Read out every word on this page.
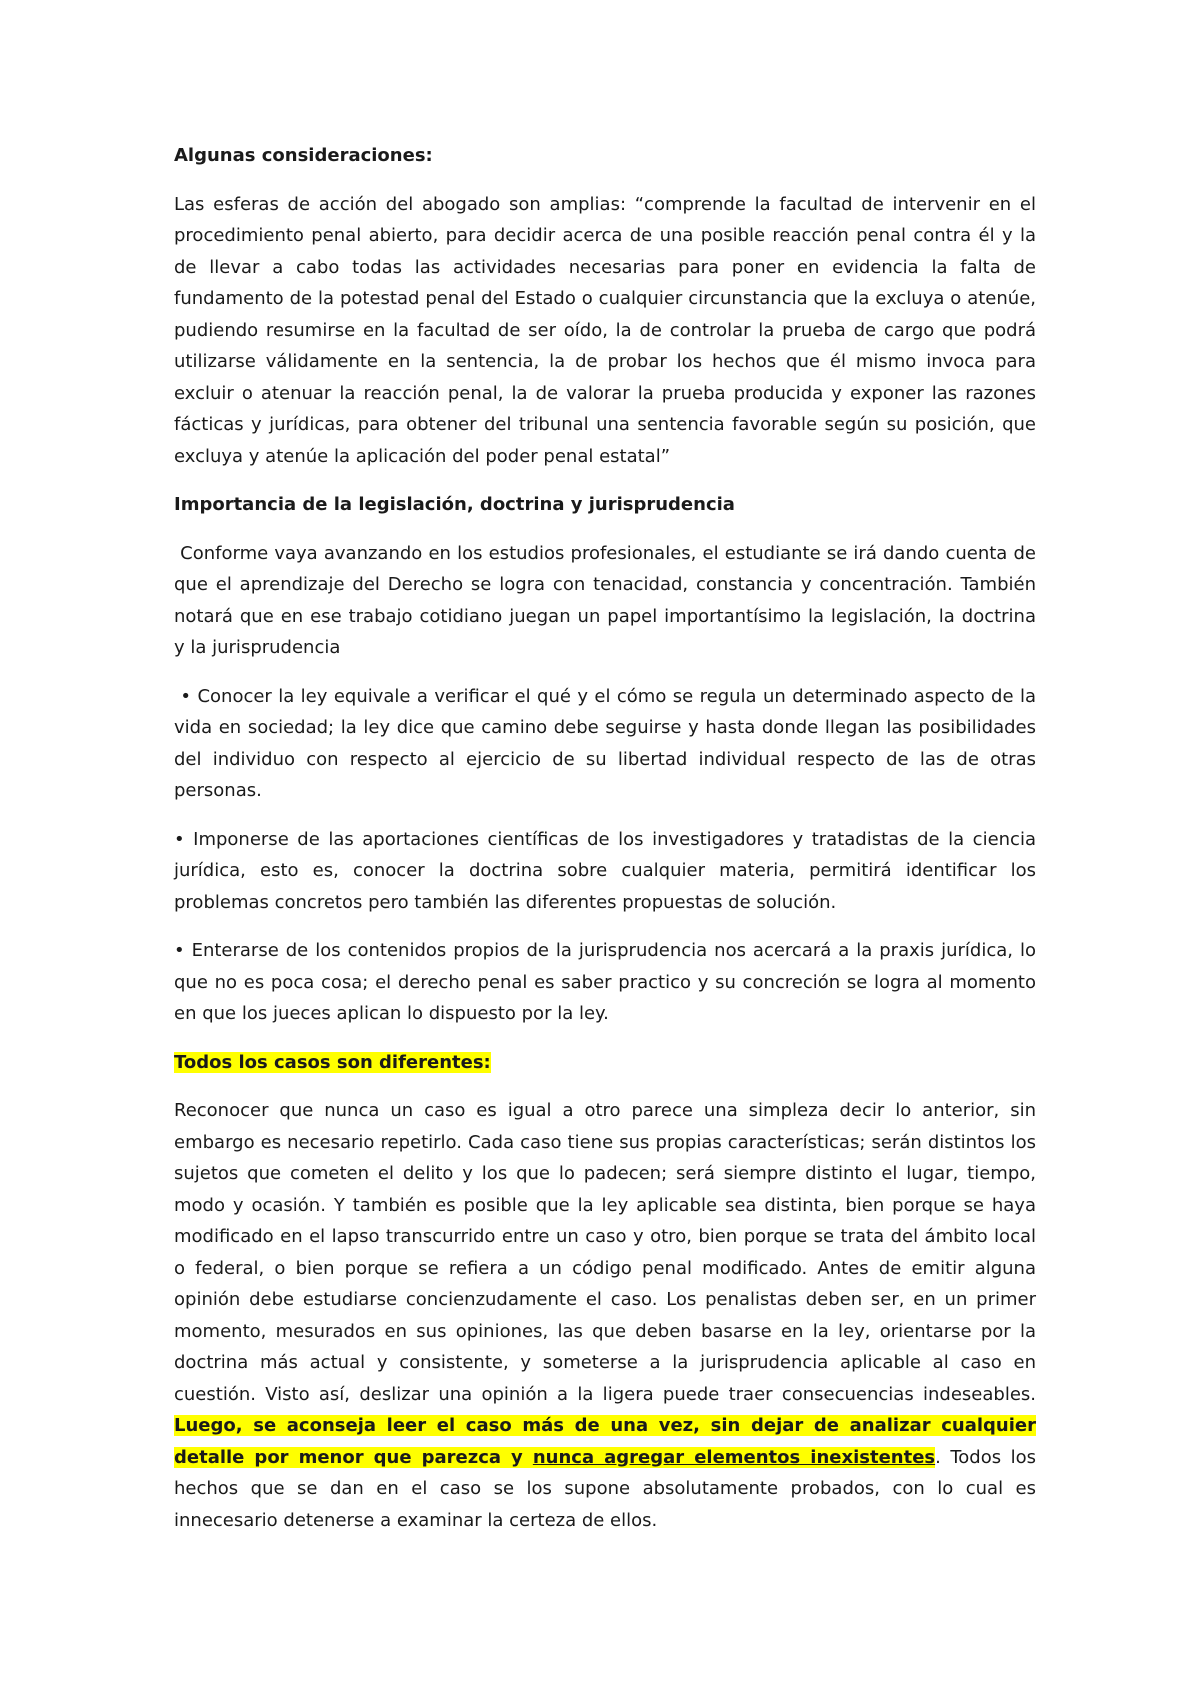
Algunas consideraciones:

Las esferas de acción del abogado son amplias: “comprende la facultad de intervenir en el procedimiento penal abierto, para decidir acerca de una posible reacción penal contra él y la de llevar a cabo todas las actividades necesarias para poner en evidencia la falta de fundamento de la potestad penal del Estado o cualquier circunstancia que la excluya o atenúe, pudiendo resumirse en la facultad de ser oído, la de controlar la prueba de cargo que podrá utilizarse válidamente en la sentencia, la de probar los hechos que él mismo invoca para excluir o atenuar la reacción penal, la de valorar la prueba producida y exponer las razones fácticas y jurídicas, para obtener del tribunal una sentencia favorable según su posición, que excluya y atenúe la aplicación del poder penal estatal”

Importancia de la legislación, doctrina y jurisprudencia

Conforme vaya avanzando en los estudios profesionales, el estudiante se irá dando cuenta de que el aprendizaje del Derecho se logra con tenacidad, constancia y concentración. También notará que en ese trabajo cotidiano juegan un papel importantísimo la legislación, la doctrina y la jurisprudencia

• Conocer la ley equivale a verificar el qué y el cómo se regula un determinado aspecto de la vida en sociedad; la ley dice que camino debe seguirse y hasta donde llegan las posibilidades del individuo con respecto al ejercicio de su libertad individual respecto de las de otras personas.

• Imponerse de las aportaciones científicas de los investigadores y tratadistas de la ciencia jurídica, esto es, conocer la doctrina sobre cualquier materia, permitirá identificar los problemas concretos pero también las diferentes propuestas de solución.

• Enterarse de los contenidos propios de la jurisprudencia nos acercará a la praxis jurídica, lo que no es poca cosa; el derecho penal es saber practico y su concreción se logra al momento en que los jueces aplican lo dispuesto por la ley.

Todos los casos son diferentes:

Reconocer que nunca un caso es igual a otro parece una simpleza decir lo anterior, sin embargo es necesario repetirlo. Cada caso tiene sus propias características; serán distintos los sujetos que cometen el delito y los que lo padecen; será siempre distinto el lugar, tiempo, modo y ocasión. Y también es posible que la ley aplicable sea distinta, bien porque se haya modificado en el lapso transcurrido entre un caso y otro, bien porque se trata del ámbito local o federal, o bien porque se refiera a un código penal modificado. Antes de emitir alguna opinión debe estudiarse concienzudamente el caso. Los penalistas deben ser, en un primer momento, mesurados en sus opiniones, las que deben basarse en la ley, orientarse por la doctrina más actual y consistente, y someterse a la jurisprudencia aplicable al caso en cuestión. Visto así, deslizar una opinión a la ligera puede traer consecuencias indeseables. Luego, se aconseja leer el caso más de una vez, sin dejar de analizar cualquier detalle por menor que parezca y nunca agregar elementos inexistentes. Todos los hechos que se dan en el caso se los supone absolutamente probados, con lo cual es innecesario detenerse a examinar la certeza de ellos.
